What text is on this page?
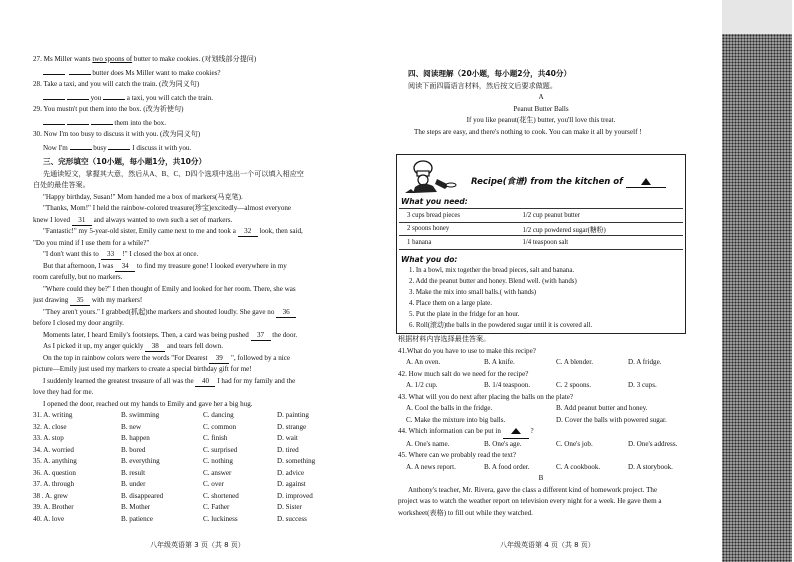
27. Ms Miller wants two spoons of butter to make cookies. (对划线部分提问)
butter does Ms Miller want to make cookies?
28. Take a taxi, and you will catch the train. (改为同义句)
you	a taxi, you will catch the train.
29. You mustn't put them into the box. (改为祈使句)
them into the box.
30. Now I'm too busy to discuss it with you. (改为同义句)
Now I'm	busy	I discuss it with you.
三、完形填空（10小题，每小题1分，共10分）
先通读短文，掌握其大意，然后从A、B、C、D四个选项中选出一个可以填入相应空
白处的最佳答案。
"Happy birthday, Susan!" Mom handed me a box of markers(马克笔).
"Thanks, Mom!" I held the rainbow-colored treasure(珍宝)excitedly—almost everyone
knew I loved 31 and always wanted to own such a set of markers.
"Fantastic!" my 5-year-old sister, Emily came next to me and took a 32 look, then said,
"Do you mind if I use them for a while?"
"I don't want this to 33 !" I closed the box at once.
But that afternoon, I was 34 to find my treasure gone! I looked everywhere in my
room carefully, but no markers.
"Where could they be?" I then thought of Emily and looked for her room. There, she was
just drawing 35 with my markers!
"They aren't yours." I grabbed(抓起)the markers and shouted loudly. She gave no 36
before I closed my door angrily.
Moments later, I heard Emily's footsteps. Then, a card was being pushed 37 the door.
As I picked it up, my anger quickly 38 and tears fell down.
On the top in rainbow colors were the words "For Dearest 39 ", followed by a nice
picture—Emily just used my markers to create a special birthday gift for me!
I suddenly learned the greatest treasure of all was the 40 I had for my family and the
love they had for me.
I opened the door, reached out my hands to Emily and gave her a big hug.
31. A. writing	B. swimming	C. dancing	D. painting
32. A. close	B. new	C. common	D. strange
33. A. stop	B. happen	C. finish	D. wait
34. A. worried	B. bored	C. surprised	D. tired
35. A. anything	B. everything	C. nothing	D. something
36. A. question	B. result	C. answer	D. advice
37. A. through	B. under	C. over	D. against
38 . A. grew	B. disappeared	C. shortened	D. improved
39. A. Brother	B. Mother	C. Father	D. Sister
40. A. love	B. patience	C. luckiness	D. success
八年级英语第 3 页（共 8 页）
四、阅读理解（20小题，每小题2分，共40分）
阅读下面四篇语言材料，然后按文后要求做题。
A
Peanut Butter Balls
If you like peanut(花生) butter, you'll love this treat.
The steps are easy, and there's nothing to cook. You can make it all by yourself !
Recipe(食谱) from the kitchen of
What you need:
3 cups bread pieces	1/2 cup peanut butter
2 spoons honey	1/2 cup powdered sugar(糖粉)
1 banana	1/4 teaspoon salt
What you do:
1. In a bowl, mix together the bread pieces, salt and banana.
2. Add the peanut butter and honey. Blend well. (with hands)
3. Make the mix into small balls.( with hands)
4. Place them on a large plate.
5. Put the plate in the fridge for an hour.
6. Roll(滚动)the balls in the powdered sugar until it is covered all.
根据材料内容选择最佳答案。
41.What do you have to use to make this recipe?
A. An oven.	B. A knife.	C. A blender.	D. A fridge.
42. How much salt do we need for the recipe?
A. 1/2 cup.	B. 1/4 teaspoon.	C. 2 spoons.	D. 3 cups.
43. What will you do next after placing the balls on the plate?
A. Cool the balls in the fridge.	B. Add peanut butter and honey.
C. Make the mixture into big balls.	D. Cover the balls with powered sugar.
44. Which information can be put in	?
A. One's name.	B. One's age.	C. One's job.	D. One's address.
45. Where can we probably read the text?
A. A news report.	B. A food order.	C. A cookbook.	D. A storybook.
B
Anthony's teacher, Mr. Rivera, gave the class a different kind of homework project. The
project was to watch the weather report on television every night for a week. He gave them a
worksheet(表格) to fill out while they watched.
八年级英语第 4 页（共 8 页）
